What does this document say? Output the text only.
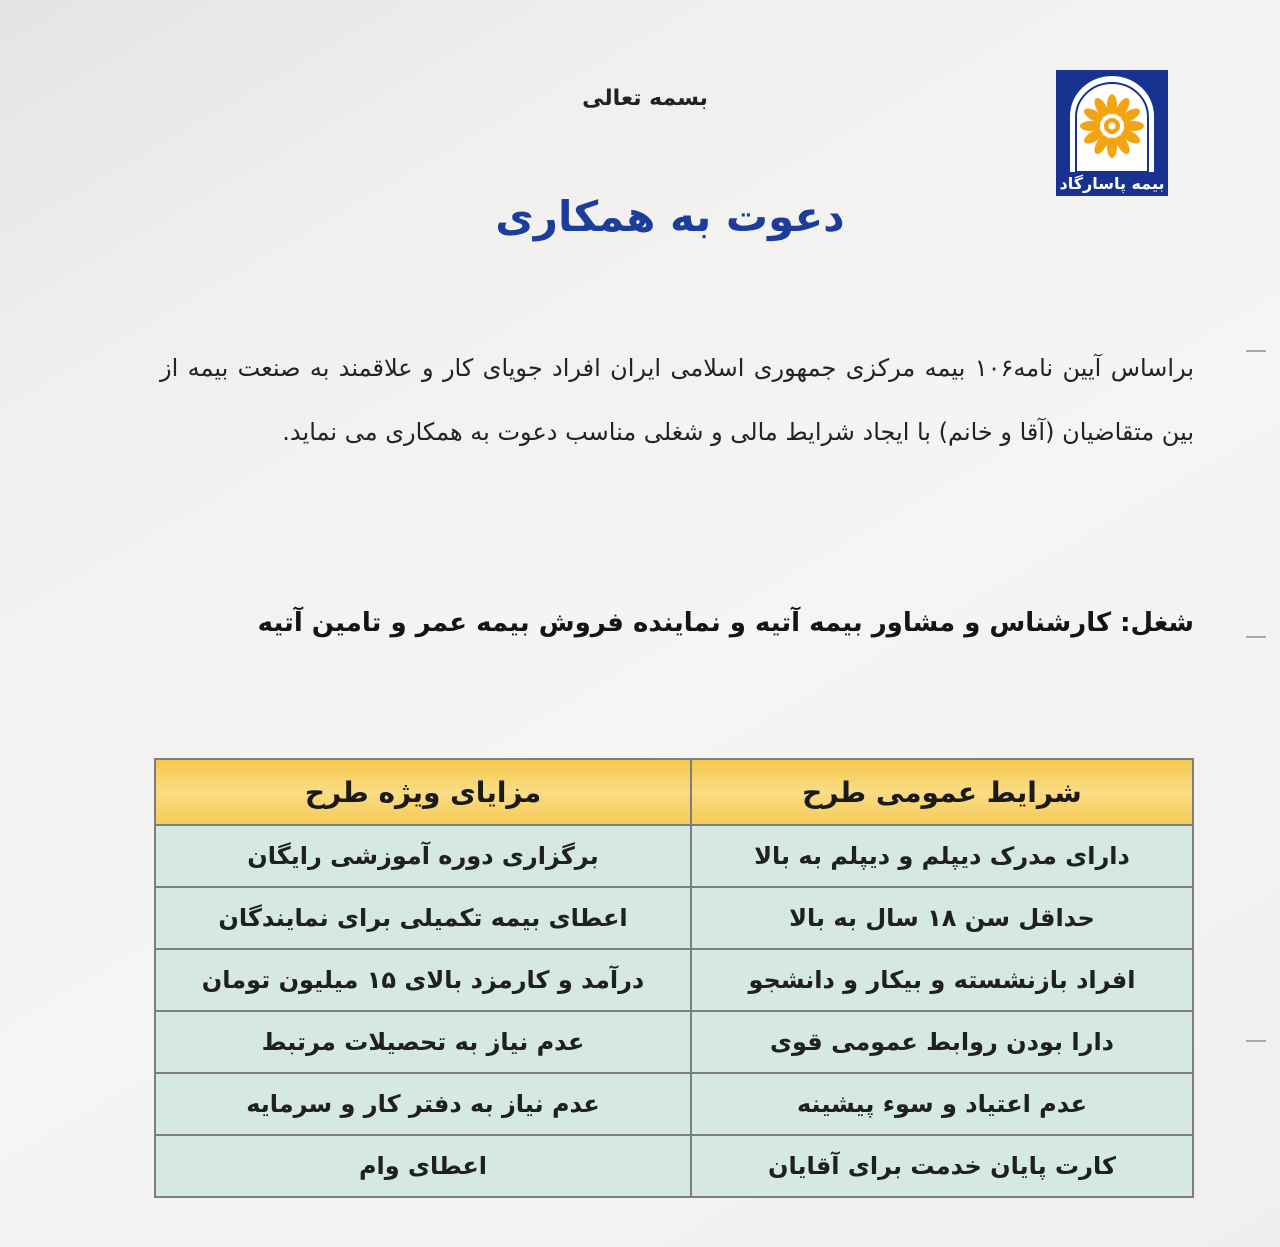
بیمه پاسارگاد
بسمه تعالی
دعوت به همکاری

براساس آیین نامه۱۰۶ بیمه مرکزی جمهوری اسلامی ایران افراد جویای کار و علاقمند به صنعت بیمه از بین متقاضیان (آقا و خانم) با ایجاد شرایط مالی و شغلی مناسب دعوت به همکاری می نماید.

شغل: کارشناس و مشاور بیمه آتیه و نماینده فروش بیمه عمر و تامین آتیه
شرایط عمومی طرح	مزایای ویژه طرح
دارای مدرک دیپلم و دیپلم به بالا	برگزاری دوره آموزشی رایگان
حداقل سن ۱۸ سال به بالا	اعطای بیمه تکمیلی برای نمایندگان
افراد بازنشسته و بیکار و دانشجو	درآمد و کارمزد بالای ۱۵ میلیون تومان
دارا بودن روابط عمومی قوی	عدم نیاز به تحصیلات مرتبط
عدم اعتیاد و سوء پیشینه	عدم نیاز به دفتر کار و سرمایه
کارت پایان خدمت برای آقایان	اعطای وام
